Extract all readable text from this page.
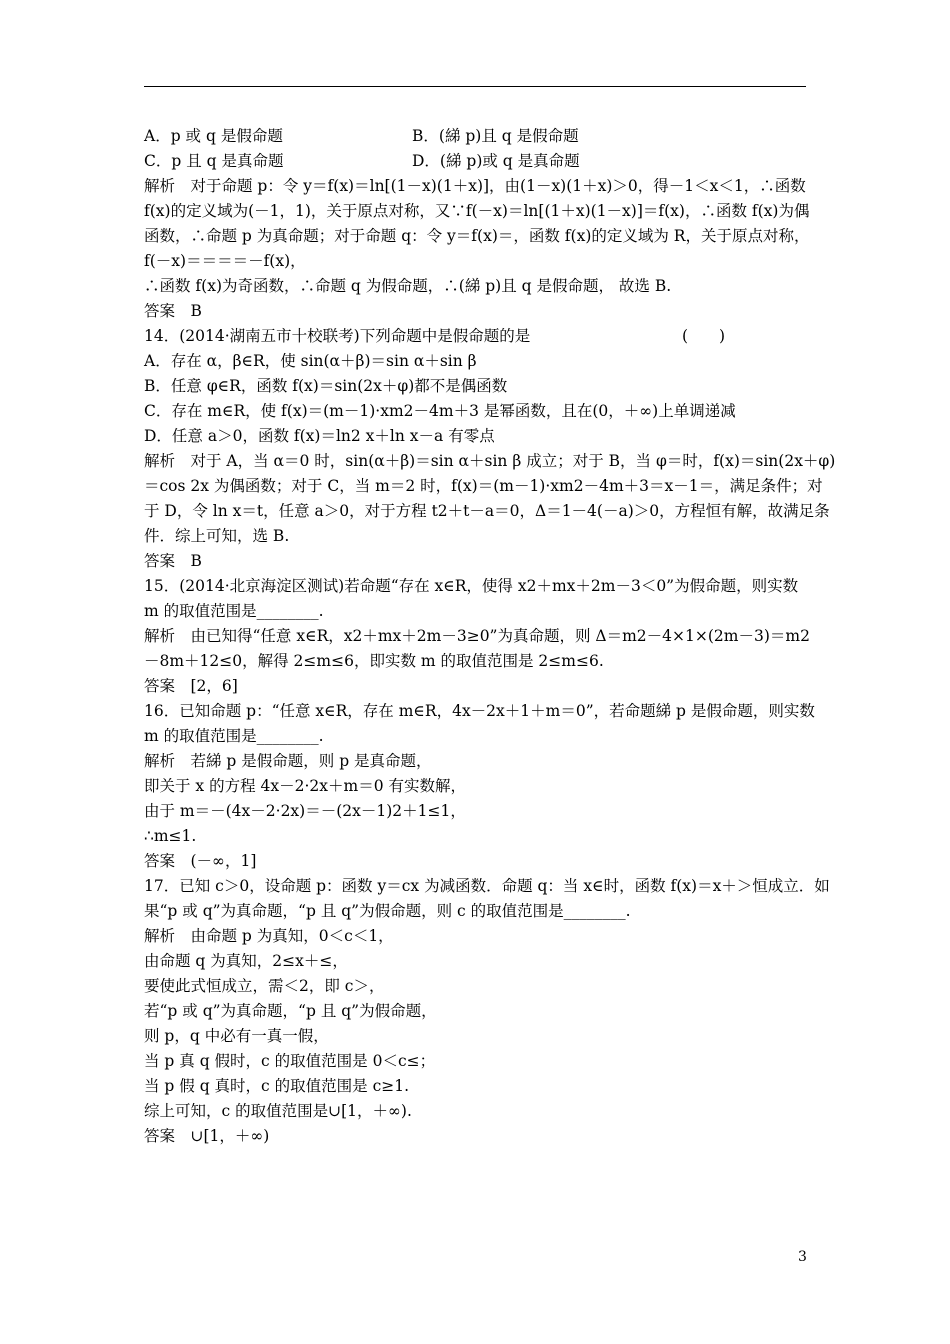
A．p 或 q 是假命题	B．(綈 p)且 q 是假命题
C．p 且 q 是真命题	D．(綈 p)或 q 是真命题
解析　对于命题 p：令 y＝f(x)＝ln[(1－x)(1＋x)]，由(1－x)(1＋x)＞0，得－1＜x＜1，∴函数
f(x)的定义域为(－1，1)，关于原点对称，又∵f(－x)＝ln[(1＋x)(1－x)]＝f(x)，∴函数 f(x)为偶
函数，∴命题 p 为真命题；对于命题 q：令 y＝f(x)＝，函数 f(x)的定义域为 R，关于原点对称，
f(－x)＝＝＝＝－f(x)，
∴函数 f(x)为奇函数，∴命题 q 为假命题，∴(綈 p)且 q 是假命题， 故选 B.
答案　B
14．(2014·湖南五市十校联考)下列命题中是假命题的是	(　　)
A．存在 α，β∈R，使 sin(α＋β)＝sin α＋sin β
B．任意 φ∈R，函数 f(x)＝sin(2x＋φ)都不是偶函数
C．存在 m∈R，使 f(x)＝(m－1)·xm2－4m＋3 是幂函数，且在(0，＋∞)上单调递减
D．任意 a＞0，函数 f(x)＝ln2 x＋ln x－a 有零点
解析　对于 A，当 α＝0 时，sin(α＋β)＝sin α＋sin β 成立；对于 B，当 φ＝时，f(x)＝sin(2x＋φ)
＝cos 2x 为偶函数；对于 C，当 m＝2 时，f(x)＝(m－1)·xm2－4m＋3＝x－1＝，满足条件；对
于 D，令 ln x＝t，任意 a＞0，对于方程 t2＋t－a＝0，Δ＝1－4(－a)＞0，方程恒有解，故满足条
件．综上可知，选 B.
答案　B
15．(2014·北京海淀区测试)若命题“存在 x∈R，使得 x2＋mx＋2m－3＜0”为假命题，则实数
m 的取值范围是________.
解析　由已知得“任意 x∈R，x2＋mx＋2m－3≥0”为真命题，则 Δ＝m2－4×1×(2m－3)＝m2
－8m＋12≤0，解得 2≤m≤6，即实数 m 的取值范围是 2≤m≤6.
答案　[2，6]
16．已知命题 p：“任意 x∈R，存在 m∈R，4x－2x＋1＋m＝0”，若命题綈 p 是假命题，则实数
m 的取值范围是________.
解析　若綈 p 是假命题，则 p 是真命题，
即关于 x 的方程 4x－2·2x＋m＝0 有实数解，
由于 m＝－(4x－2·2x)＝－(2x－1)2＋1≤1，
∴m≤1.
答案　(－∞，1]
17．已知 c＞0，设命题 p：函数 y＝cx 为减函数．命题 q：当 x∈时，函数 f(x)＝x＋＞恒成立．如
果“p 或 q”为真命题，“p 且 q”为假命题，则 c 的取值范围是________.
解析　由命题 p 为真知，0＜c＜1，
由命题 q 为真知，2≤x＋≤，
要使此式恒成立，需＜2，即 c＞，
若“p 或 q”为真命题，“p 且 q”为假命题，
则 p，q 中必有一真一假，
当 p 真 q 假时，c 的取值范围是 0＜c≤；
当 p 假 q 真时，c 的取值范围是 c≥1.
综上可知，c 的取值范围是∪[1，＋∞).
答案　∪[1，＋∞)
3
